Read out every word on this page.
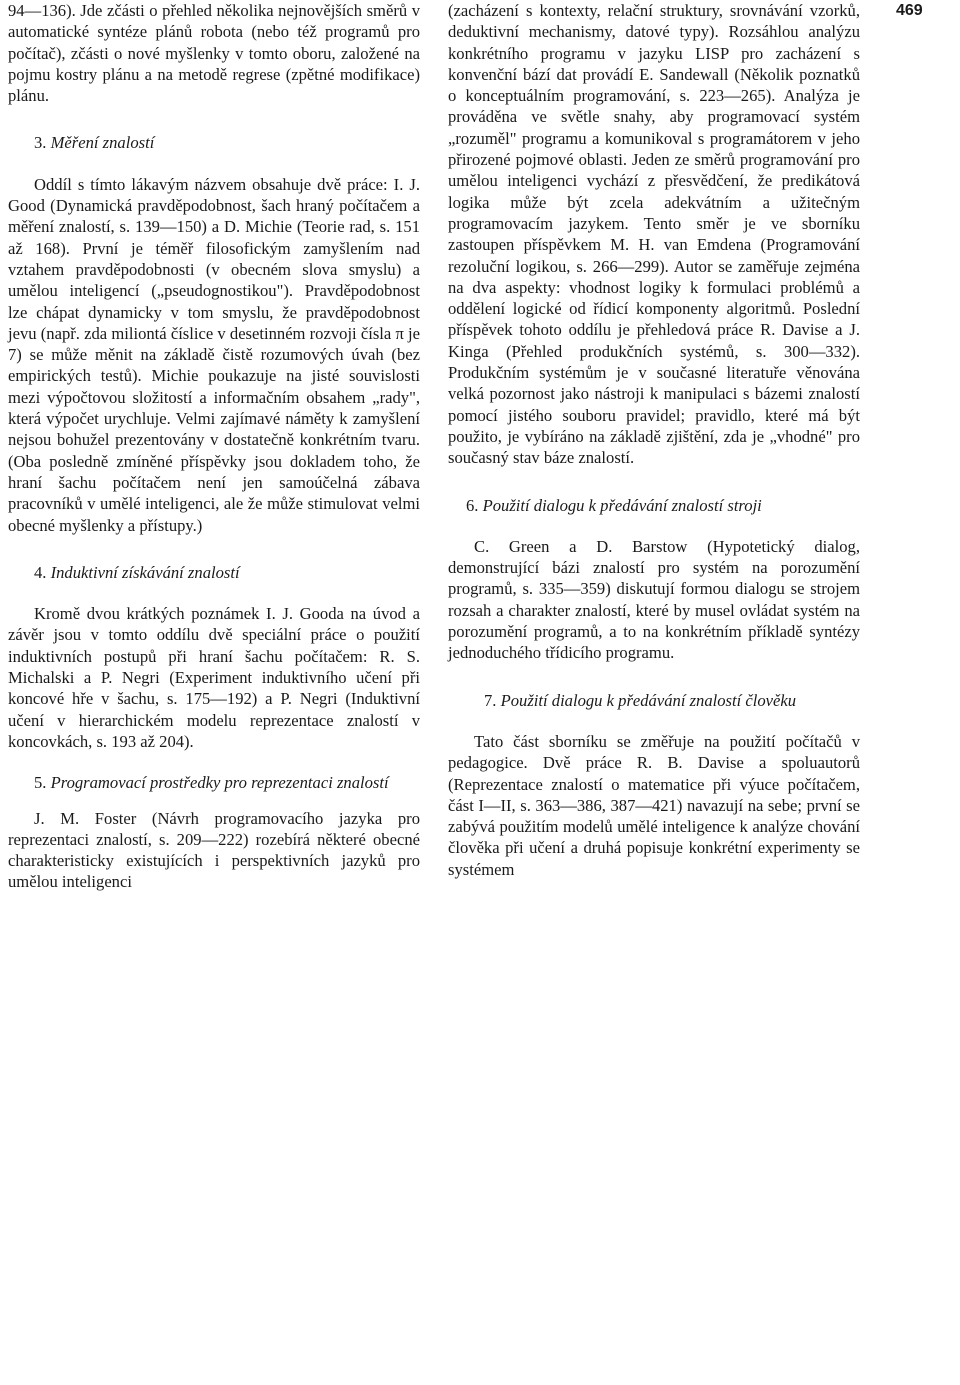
469

94—136). Jde zčásti o přehled několika nejnovějších směrů v automatické syntéze plánů robota (nebo též programů pro počítač), zčásti o nové myšlenky v tomto oboru, založené na pojmu kostry plánu a na metodě regrese (zpětné modifikace) plánu.

3. Měření znalostí

Oddíl s tímto lákavým názvem obsahuje dvě práce: I. J. Good (Dynamická pravděpodobnost, šach hraný počítačem a měření znalostí, s. 139—150) a D. Michie (Teorie rad, s. 151 až 168). První je téměř filosofickým zamyšlením nad vztahem pravděpodobnosti (v obecném slova smyslu) a umělou inteligencí („pseudognostikou"). Pravděpodobnost lze chápat dynamicky v tom smyslu, že pravděpodobnost jevu (např. zda miliontá číslice v desetinném rozvoji čísla π je 7) se může měnit na základě čistě rozumových úvah (bez empirických testů). Michie poukazuje na jisté souvislosti mezi výpočtovou složitostí a informačním obsahem „rady", která výpočet urychluje. Velmi zajímavé náměty k zamyšlení nejsou bohužel prezentovány v dostatečně konkrétním tvaru. (Oba posledně zmíněné příspěvky jsou dokladem toho, že hraní šachu počítačem není jen samoúčelná zábava pracovníků v umělé inteligenci, ale že může stimulovat velmi obecné myšlenky a přístupy.)

4. Induktivní získávání znalostí

Kromě dvou krátkých poznámek I. J. Gooda na úvod a závěr jsou v tomto oddílu dvě speciální práce o použití induktivních postupů při hraní šachu počítačem: R. S. Michalski a P. Negri (Experiment induktivního učení při koncové hře v šachu, s. 175—192) a P. Negri (Induktivní učení v hierarchickém modelu reprezentace znalostí v koncovkách, s. 193 až 204).

5. Programovací prostředky pro reprezentaci znalostí

J. M. Foster (Návrh programovacího jazyka pro reprezentaci znalostí, s. 209—222) rozebírá některé obecné charakteristicky existujících i perspektivních jazyků pro umělou inteligenci

(zacházení s kontexty, relační struktury, srovnávání vzorků, deduktivní mechanismy, datové typy). Rozsáhlou analýzu konkrétního programu v jazyku LISP pro zacházení s konvenční bází dat provádí E. Sandewall (Několik poznatků o konceptuálním programování, s. 223—265). Analýza je prováděna ve světle snahy, aby programovací systém „rozuměl" programu a komunikoval s programátorem v jeho přirozené pojmové oblasti. Jeden ze směrů programování pro umělou inteligenci vychází z přesvědčení, že predikátová logika může být zcela adekvátním a užitečným programovacím jazykem. Tento směr je ve sborníku zastoupen příspěvkem M. H. van Emdena (Programování rezoluční logikou, s. 266—299). Autor se zaměřuje zejména na dva aspekty: vhodnost logiky k formulaci problémů a oddělení logické od řídicí komponenty algoritmů. Poslední příspěvek tohoto oddílu je přehledová práce R. Davise a J. Kinga (Přehled produkčních systémů, s. 300—332). Produkčním systémům je v současné literatuře věnována velká pozornost jako nástroji k manipulaci s bázemi znalostí pomocí jistého souboru pravidel; pravidlo, které má být použito, je vybíráno na základě zjištění, zda je „vhodné" pro současný stav báze znalostí.

6. Použití dialogu k předávání znalostí stroji

C. Green a D. Barstow (Hypotetický dialog, demonstrující bázi znalostí pro systém na porozumění programů, s. 335—359) diskutují formou dialogu se strojem rozsah a charakter znalostí, které by musel ovládat systém na porozumění programů, a to na konkrétním příkladě syntézy jednoduchého třídicího programu.

7. Použití dialogu k předávání znalostí člověku

Tato část sborníku se změřuje na použití počítačů v pedagogice. Dvě práce R. B. Davise a spoluautorů (Reprezentace znalostí o matematice při výuce počítačem, část I—II, s. 363—386, 387—421) navazují na sebe; první se zabývá použitím modelů umělé inteligence k analýze chování člověka při učení a druhá popisuje konkrétní experimenty se systémem
